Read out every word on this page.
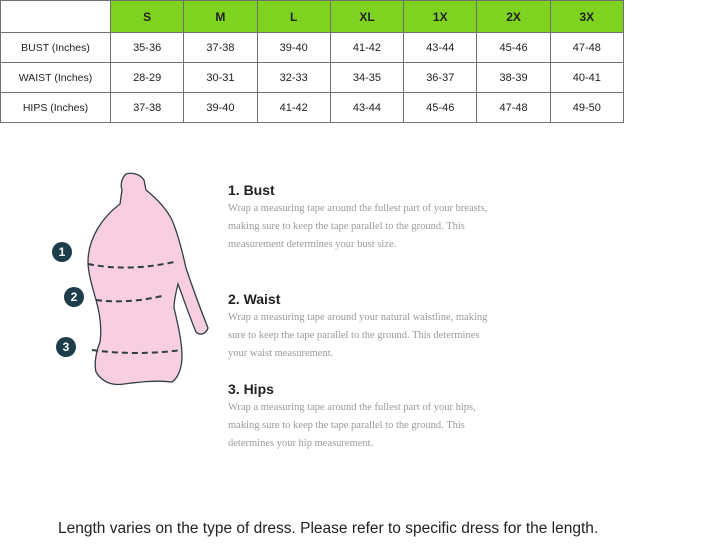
	S	M	L	XL	1X	2X	3X
BUST (Inches)	35-36	37-38	39-40	41-42	43-44	45-46	47-48
WAIST (Inches)	28-29	30-31	32-33	34-35	36-37	38-39	40-41
HIPS (Inches)	37-38	39-40	41-42	43-44	45-46	47-48	49-50
1
2
3
1. Bust

Wrap a measuring tape around the fullest part of your breasts, making sure to keep the tape parallel to the ground. This measurement determines your bust size.

2. Waist

Wrap a measuring tape around your natural waistline, making sure to keep the tape parallel to the ground. This determines your waist measurement.

3. Hips

Wrap a measuring tape around the fullest part of your hips, making sure to keep the tape parallel to the ground. This determines your hip measurement.

Length varies on the type of dress. Please refer to specific dress for the length.
